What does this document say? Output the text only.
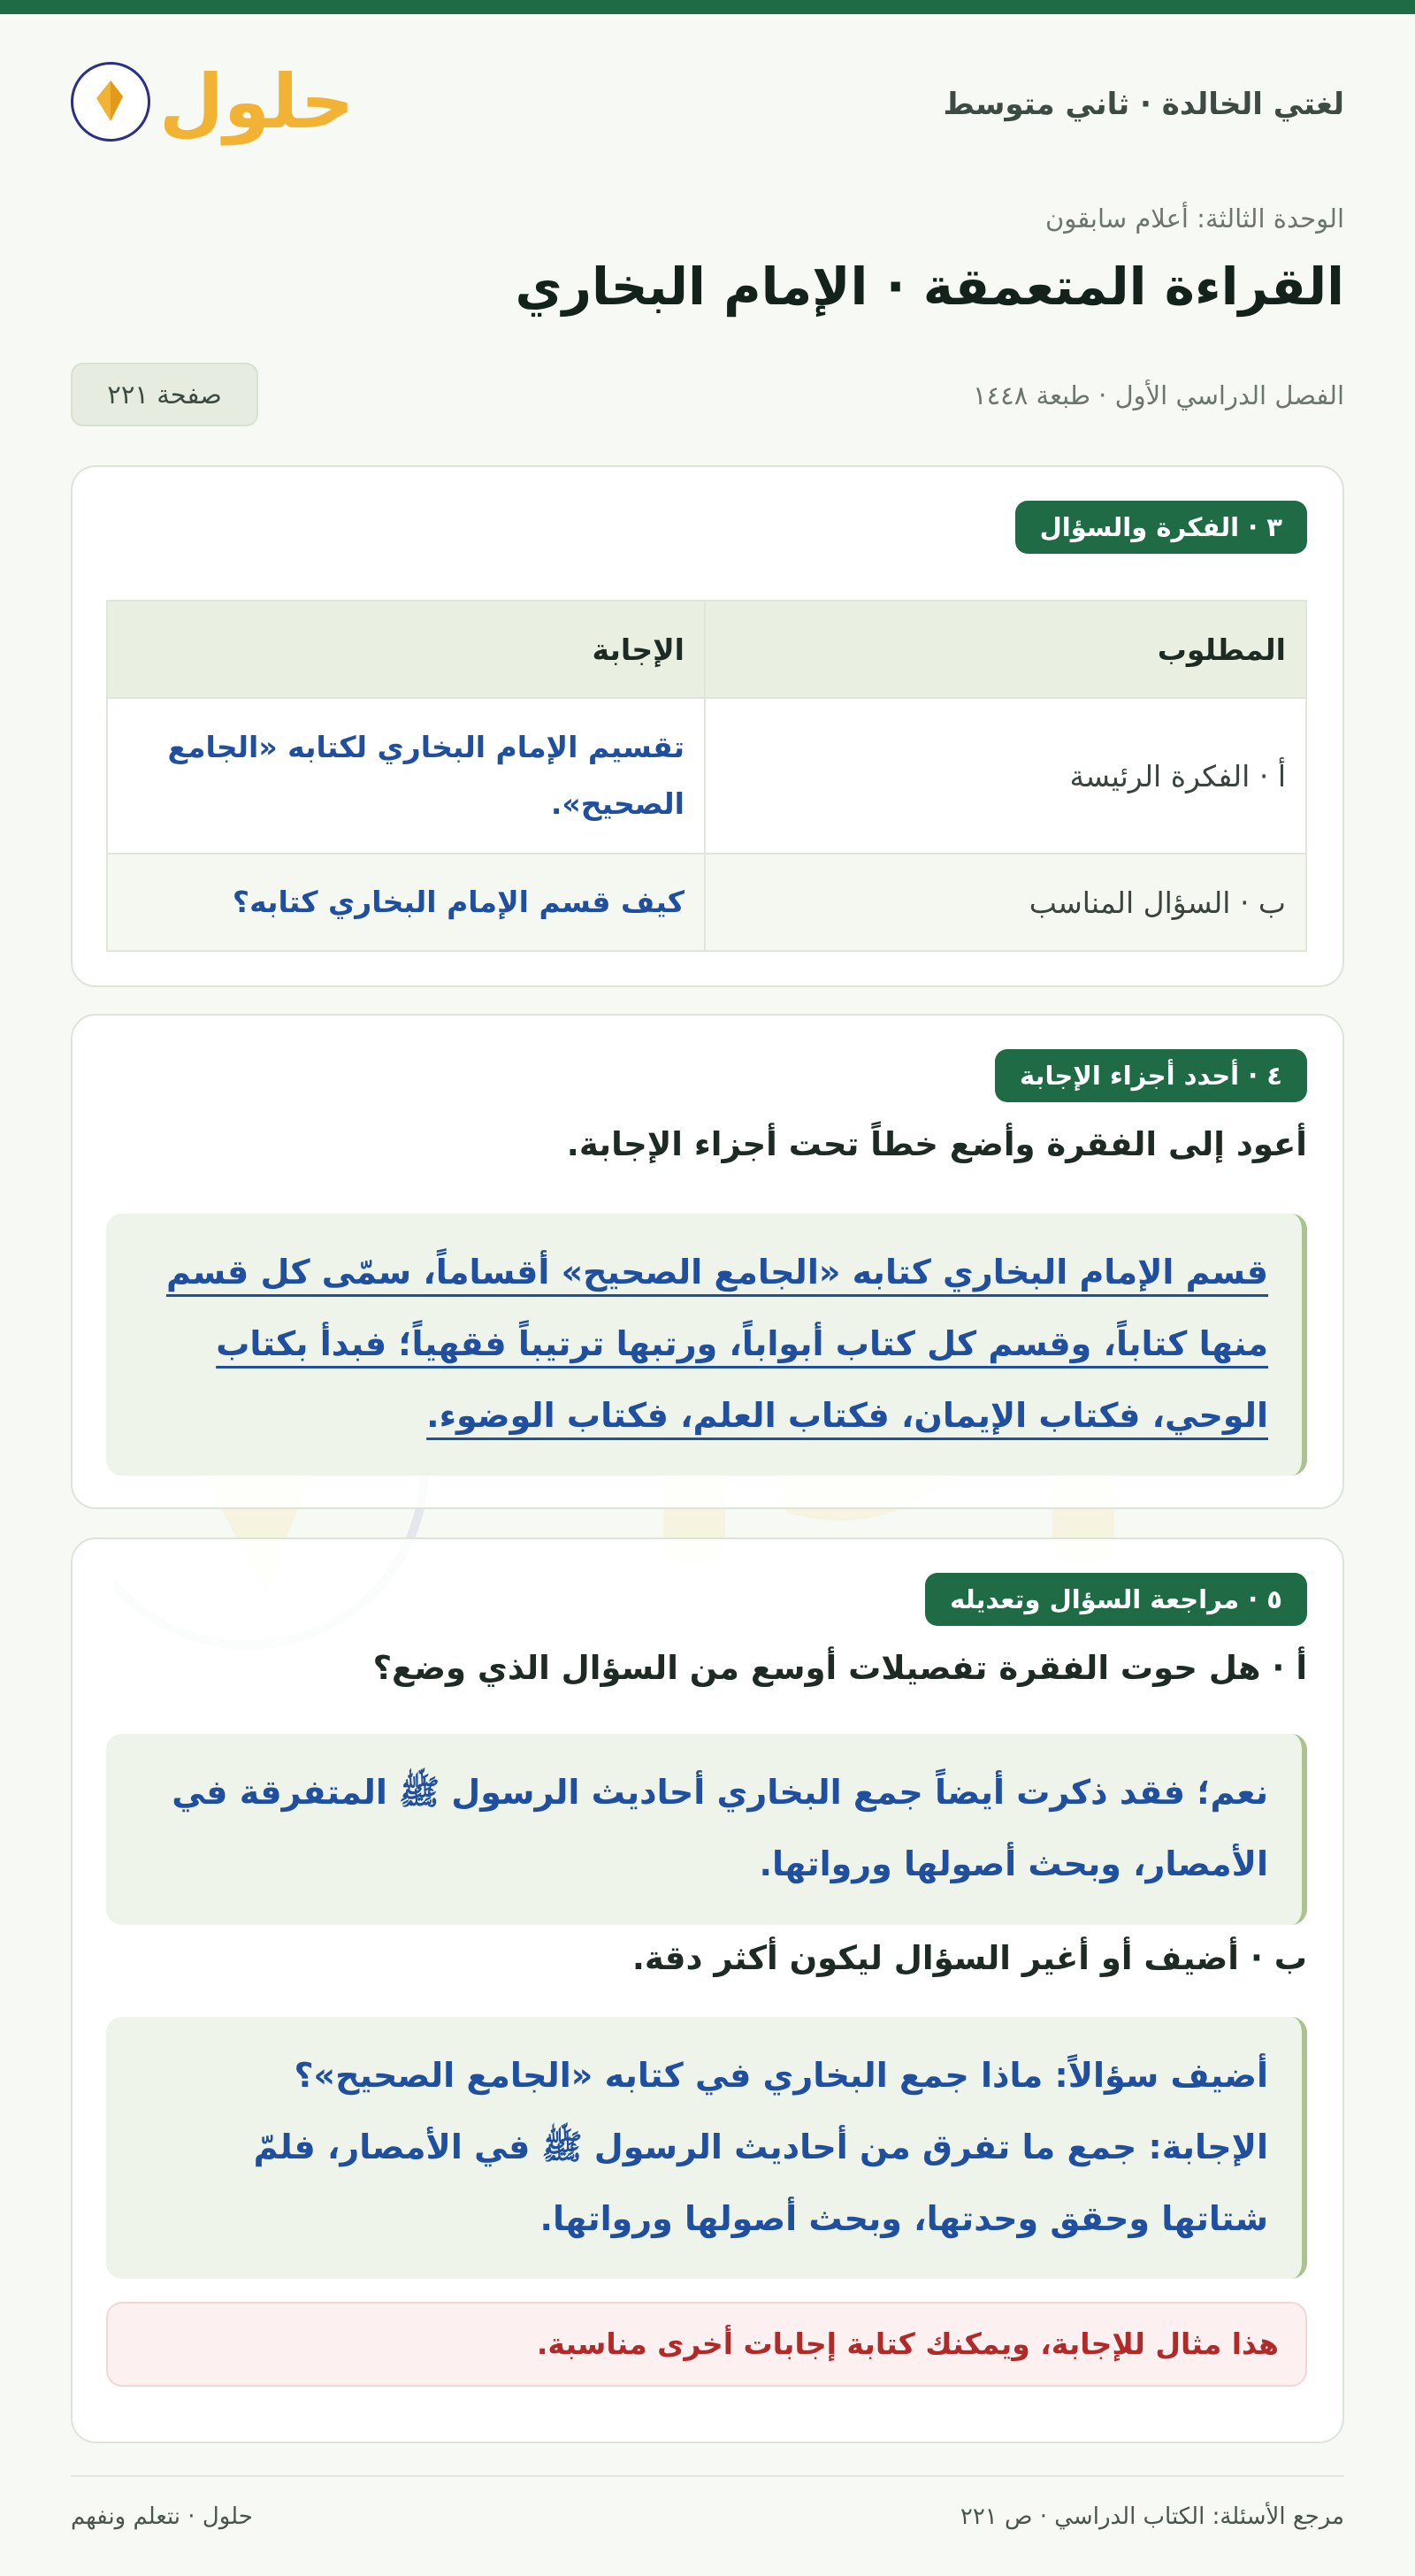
حلول	لغتي الخالدة · ثاني متوسط
الوحدة الثالثة: أعلام سابقون
القراءة المتعمقة · الإمام البخاري
الفصل الدراسي الأول · طبعة ١٤٤٨
صفحة ٢٢١
٣ · الفكرة والسؤال
المطلوب	الإجابة
أ · الفكرة الرئيسة	تقسيم الإمام البخاري لكتابه «الجامع الصحيح».
ب · السؤال المناسب	كيف قسم الإمام البخاري كتابه؟
٤ · أحدد أجزاء الإجابة
أعود إلى الفقرة وأضع خطاً تحت أجزاء الإجابة.
قسم الإمام البخاري كتابه «الجامع الصحيح» أقساماً، سمّى كل قسم منها كتاباً، وقسم كل كتاب أبواباً، ورتبها ترتيباً فقهياً؛ فبدأ بكتاب الوحي، فكتاب الإيمان، فكتاب العلم، فكتاب الوضوء.
٥ · مراجعة السؤال وتعديله
أ · هل حوت الفقرة تفصيلات أوسع من السؤال الذي وضع؟
نعم؛ فقد ذكرت أيضاً جمع البخاري أحاديث الرسول ﷺ المتفرقة في الأمصار، وبحث أصولها ورواتها.
ب · أضيف أو أغير السؤال ليكون أكثر دقة.
أضيف سؤالاً: ماذا جمع البخاري في كتابه «الجامع الصحيح»؟
الإجابة: جمع ما تفرق من أحاديث الرسول ﷺ في الأمصار، فلمّ شتاتها وحقق وحدتها، وبحث أصولها ورواتها.
هذا مثال للإجابة، ويمكنك كتابة إجابات أخرى مناسبة.
مرجع الأسئلة: الكتاب الدراسي · ص ٢٢١
حلول · نتعلم ونفهم
